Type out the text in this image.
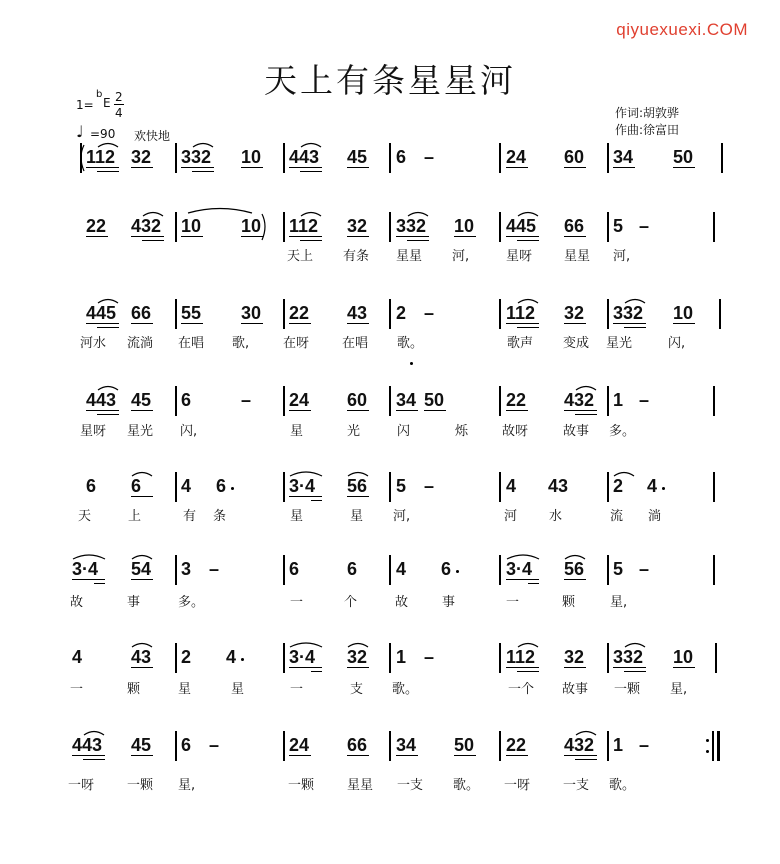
qiyuexuexi.COM
天上有条星星河
1=
b
E 2
4
♩ =90 欢快地
作词:胡敦骅
作曲:徐富田
112 32 332 10 443 45 6 –	24 60 34 50
22 432 10 10 112 32 332 10 445 66 5 –
天上 有条 星星 河,	星呀 星星 河,
445 66 55 30 22 43 2 –	112 32 332 10
河水 流淌 在唱 歌,	在呀	在唱 歌。	歌声 变成 星光	闪,
443 45 6	– 24 60 34 50	22 432 1 –
星呀 星光 闪,	星	光	闪	烁	故呀	故事 多。
6 6 4 6	3·4 56 5 –	4 43 2 4
天	上	有 条	星	星 河,	河 水	流 淌
3·4 54 3 –	6	6 4 6	3·4 56 5 –
故	事	多。	一	个	故	事	一	颗	星,
4	43 2 4	3·4 32 1 –	112 32 332 10
一	颗	星	星	一	支 歌。	一个 故事 一颗 星,
443 45 6 –	24 66 34 50 22 432 1 –
一呀	一颗 星,	一颗	星星 一支 歌。 一呀	一支 歌。
